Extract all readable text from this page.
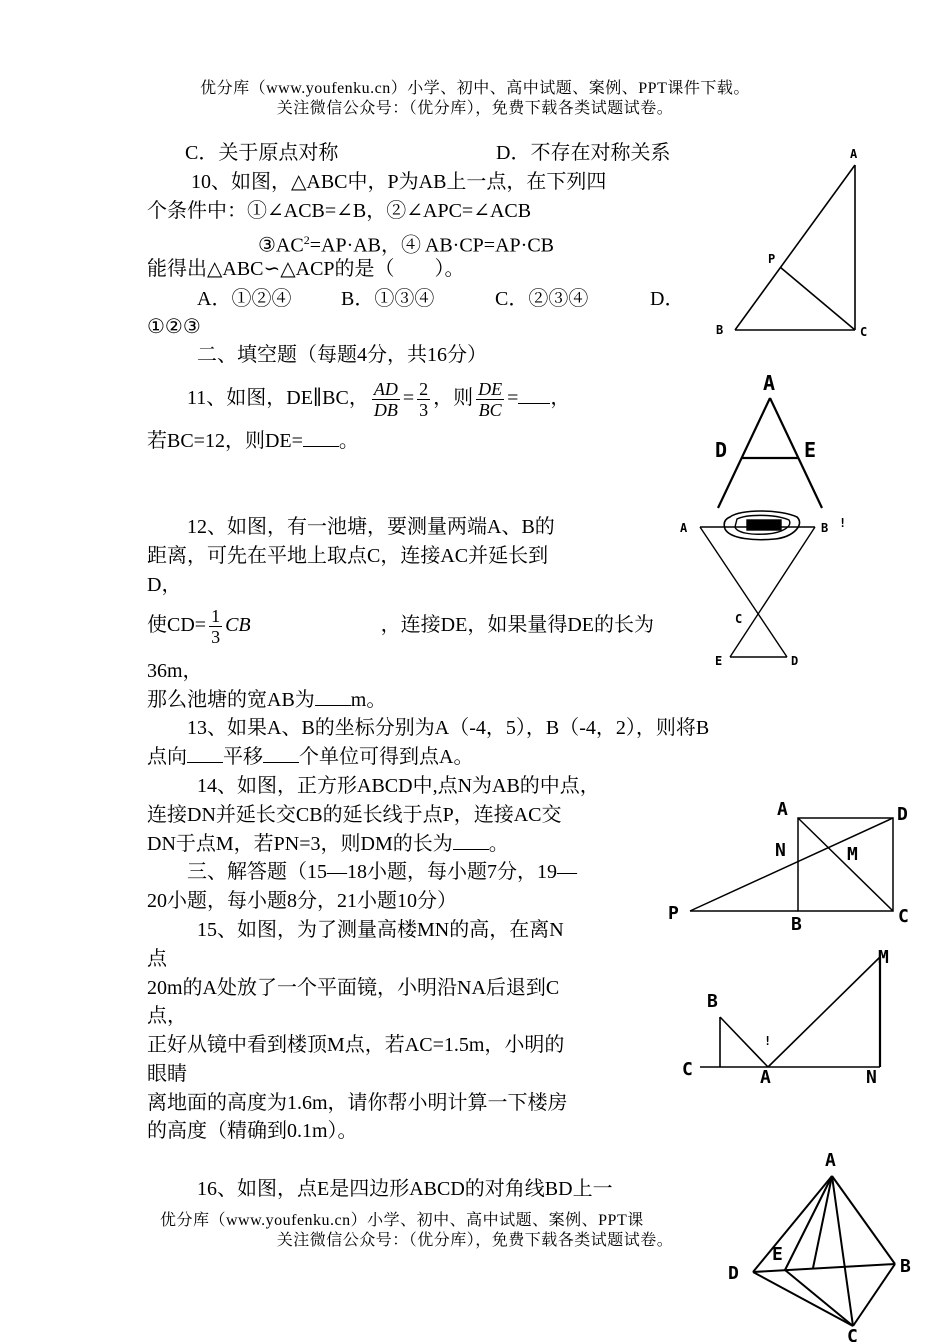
优分库（www.youfenku.cn）小学、初中、高中试题、案例、PPT课件下载。
关注微信公众号：（优分库），免费下载各类试题试卷。
C．关于原点对称	D．不存在对称关系
10、如图，△ABC中，P为AB上一点，在下列四
个条件中：①∠ACB=∠B，②∠APC=∠ACB
$③AC^2=AP\cdot AB$，④ AB·CP=AP·CB
能得出△ABC∽△ACP的是（　　）。
A．①②④ B．①③④	C．②③④	D．
①②③
二、填空题（每题4分，共16分）
11、如图，DE∥BC， $\frac{AD}{DB} = \frac{2}{3}$ ，则 $\frac{DE}{BC}$ = ，
若BC=12，则DE= 。
12、如图，有一池塘，要测量两端A、B的
距离，可先在平地上取点C，连接AC并延长到
D，
使$CD= \frac{1}{3}$ CB	，连接DE，如果量得DE的长为
36m，
那么池塘的宽AB为 m。
13、如果A、B的坐标分别为A（-4，5），B（-4，2），则将B
点向 平移 个单位可得到点A。
14、如图，正方形ABCD中,点N为AB的中点，
连接DN并延长交CB的延长线于点P，连接AC交
DN于点M，若PN=3，则DM的长为 。
三、解答题（15—18小题，每小题7分，19—
20小题，每小题8分，21小题10分）
15、如图，为了测量高楼MN的高，在离N
点
20m的A处放了一个平面镜，小明沿NA后退到C
点，
正好从镜中看到楼顶M点，若AC=1.5m，小明的
眼睛
离地面的高度为1.6m，请你帮小明计算一下楼房
的高度（精确到0.1m）。
16、如图，点E是四边形ABCD的对角线BD上一
优分库（www.youfenku.cn）小学、初中、高中试题、案例、PPT课
关注微信公众号：（优分库），免费下载各类试题试卷。
A
P
B	C
A
D	E
A	B !
C
E	D
A	D
N	M
P
B	C
M
B
!
C	A	N
A
E
D	B
C
